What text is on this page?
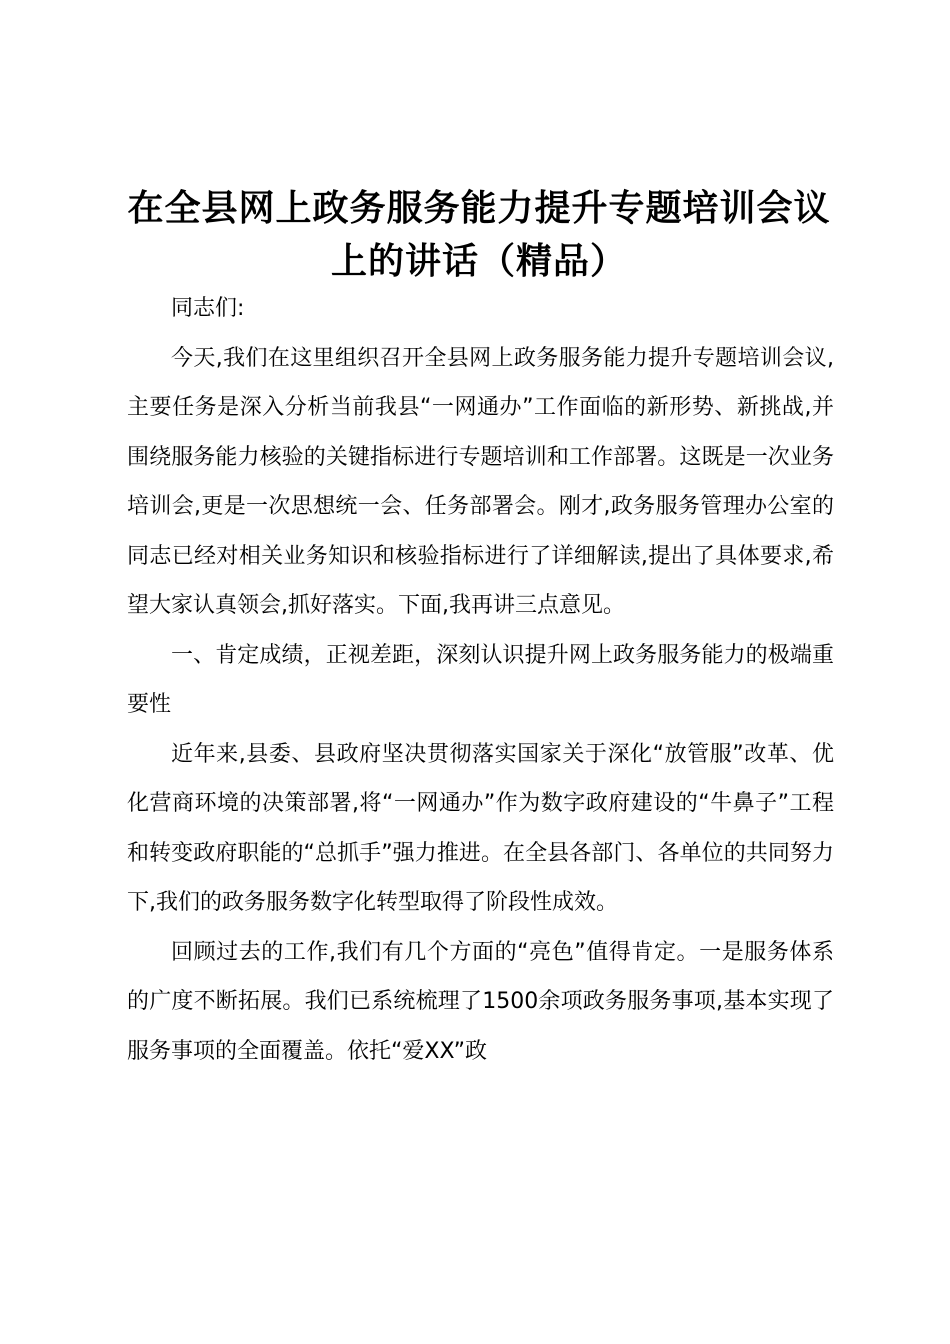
在全县网上政务服务能力提升专题培训会议上的讲话（精品）

同志们:

今天,我们在这里组织召开全县网上政务服务能力提升专题培训会议,主要任务是深入分析当前我县“一网通办”工作面临的新形势、新挑战,并围绕服务能力核验的关键指标进行专题培训和工作部署。这既是一次业务培训会,更是一次思想统一会、任务部署会。刚才,政务服务管理办公室的同志已经对相关业务知识和核验指标进行了详细解读,提出了具体要求,希望大家认真领会,抓好落实。下面,我再讲三点意见。

一、肯定成绩，正视差距，深刻认识提升网上政务服务能力的极端重要性

近年来,县委、县政府坚决贯彻落实国家关于深化“放管服”改革、优化营商环境的决策部署,将“一网通办”作为数字政府建设的“牛鼻子”工程和转变政府职能的“总抓手”强力推进。在全县各部门、各单位的共同努力下,我们的政务服务数字化转型取得了阶段性成效。

回顾过去的工作,我们有几个方面的“亮色”值得肯定。一是服务体系的广度不断拓展。我们已系统梳理了1500余项政务服务事项,基本实现了服务事项的全面覆盖。依托“爱XX”政
